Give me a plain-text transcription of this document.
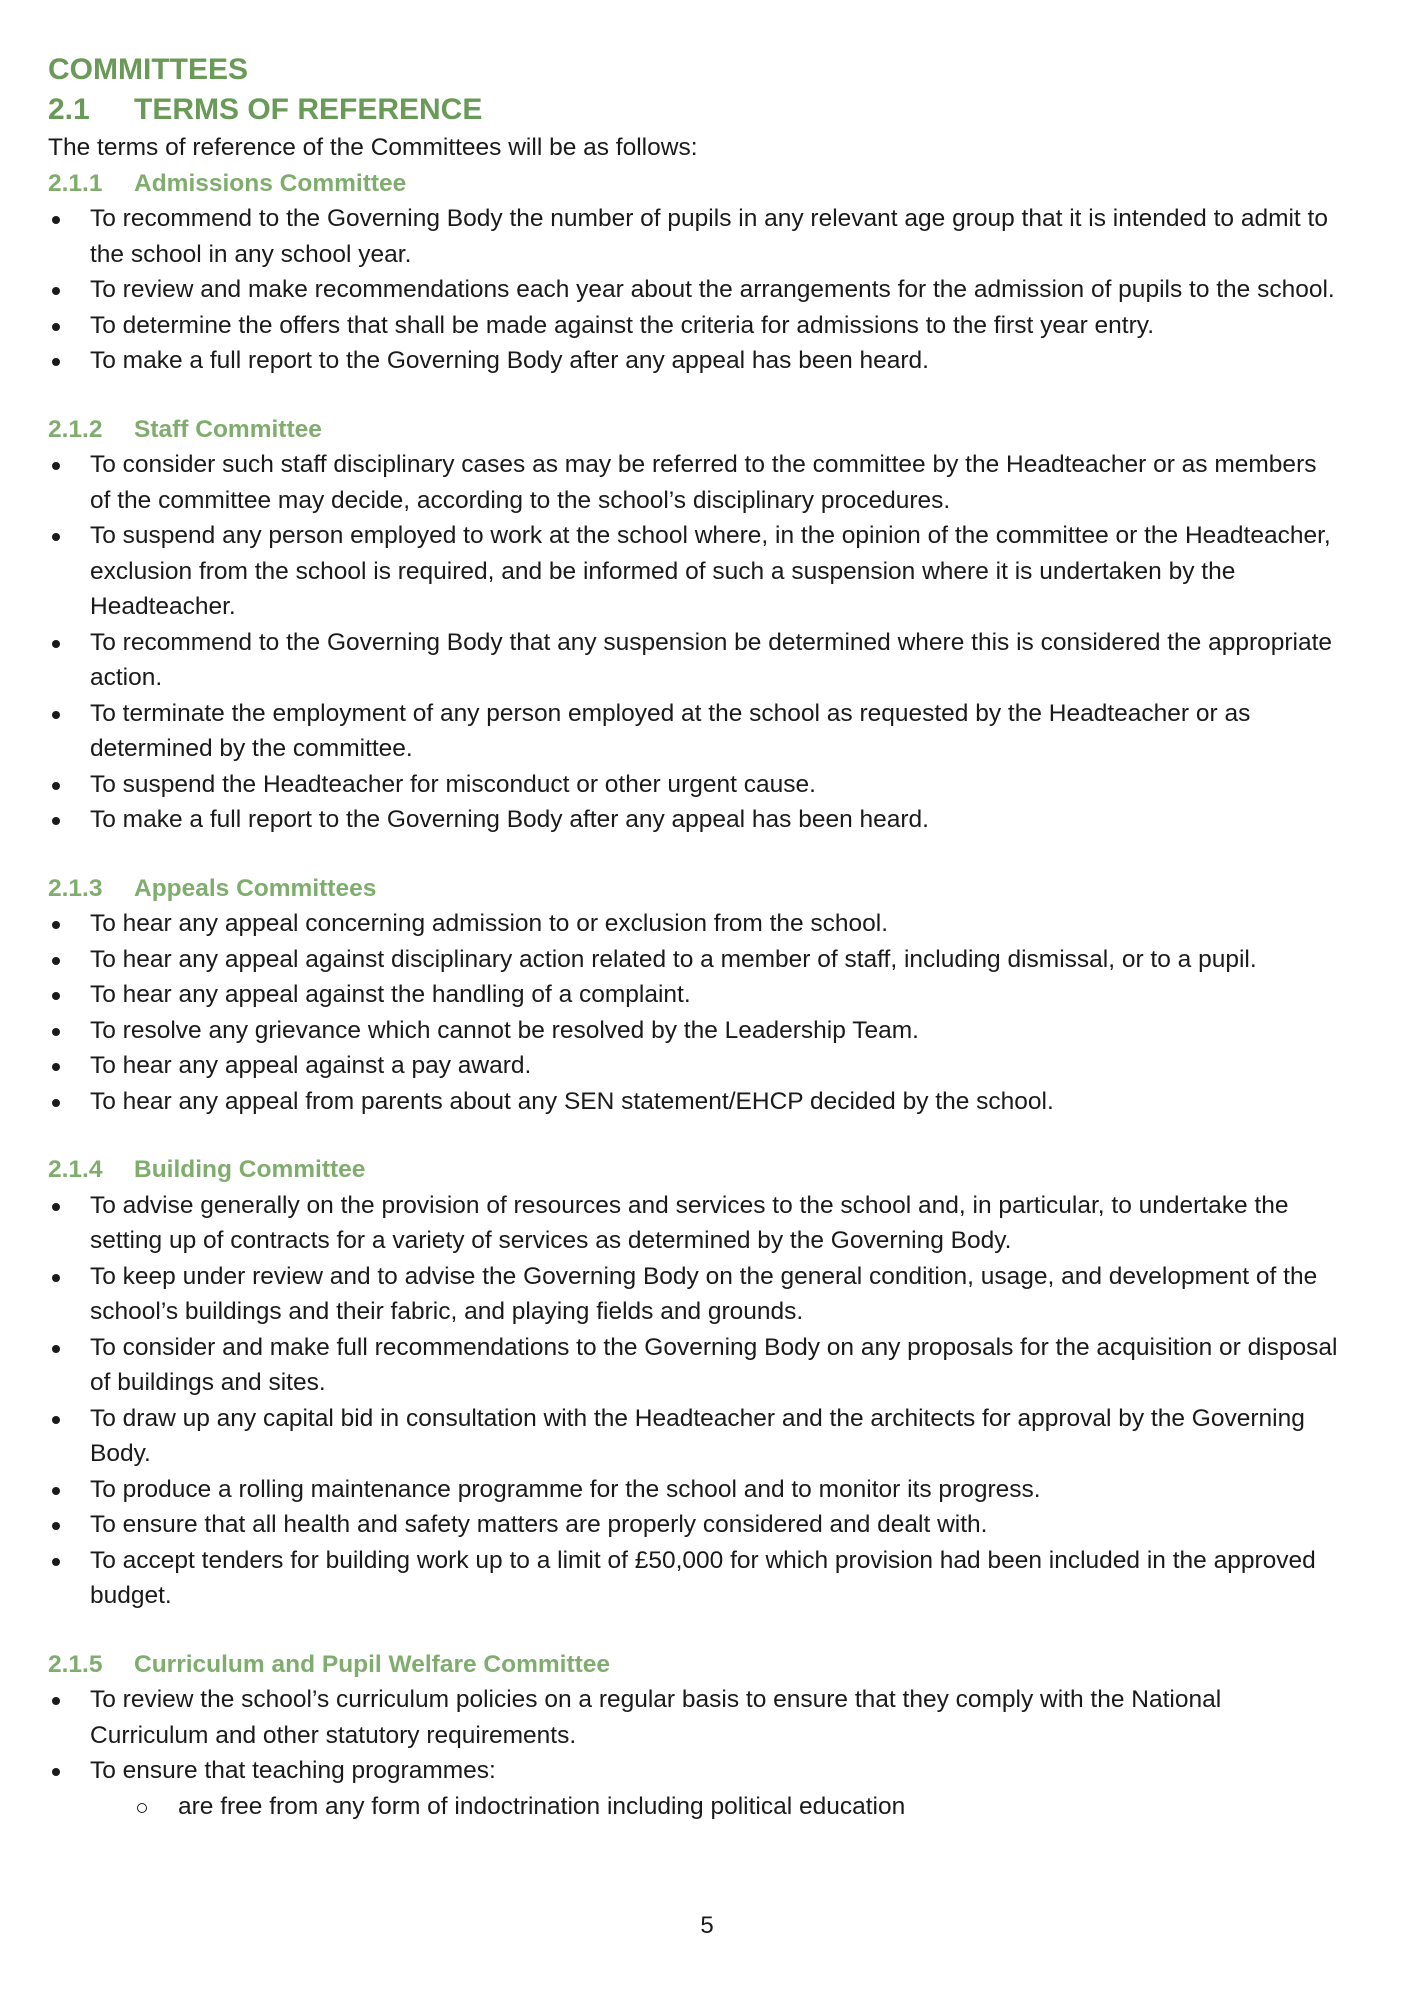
COMMITTEES
2.1 TERMS OF REFERENCE

The terms of reference of the Committees will be as follows:

2.1.1 Admissions Committee
To recommend to the Governing Body the number of pupils in any relevant age group that it is intended to admit to the school in any school year.
To review and make recommendations each year about the arrangements for the admission of pupils to the school.
To determine the offers that shall be made against the criteria for admissions to the first year entry.
To make a full report to the Governing Body after any appeal has been heard.
2.1.2 Staff Committee
To consider such staff disciplinary cases as may be referred to the committee by the Headteacher or as members of the committee may decide, according to the school’s disciplinary procedures.
To suspend any person employed to work at the school where, in the opinion of the committee or the Headteacher, exclusion from the school is required, and be informed of such a suspension where it is undertaken by the Headteacher.
To recommend to the Governing Body that any suspension be determined where this is considered the appropriate action.
To terminate the employment of any person employed at the school as requested by the Headteacher or as determined by the committee.
To suspend the Headteacher for misconduct or other urgent cause.
To make a full report to the Governing Body after any appeal has been heard.
2.1.3 Appeals Committees
To hear any appeal concerning admission to or exclusion from the school.
To hear any appeal against disciplinary action related to a member of staff, including dismissal, or to a pupil.
To hear any appeal against the handling of a complaint.
To resolve any grievance which cannot be resolved by the Leadership Team.
To hear any appeal against a pay award.
To hear any appeal from parents about any SEN statement/EHCP decided by the school.
2.1.4 Building Committee
To advise generally on the provision of resources and services to the school and, in particular, to undertake the setting up of contracts for a variety of services as determined by the Governing Body.
To keep under review and to advise the Governing Body on the general condition, usage, and development of the school’s buildings and their fabric, and playing fields and grounds.
To consider and make full recommendations to the Governing Body on any proposals for the acquisition or disposal of buildings and sites.
To draw up any capital bid in consultation with the Headteacher and the architects for approval by the Governing Body.
To produce a rolling maintenance programme for the school and to monitor its progress.
To ensure that all health and safety matters are properly considered and dealt with.
To accept tenders for building work up to a limit of £50,000 for which provision had been included in the approved budget.
2.1.5 Curriculum and Pupil Welfare Committee
To review the school’s curriculum policies on a regular basis to ensure that they comply with the National Curriculum and other statutory requirements.
To ensure that teaching programmes:
are free from any form of indoctrination including political education
5
